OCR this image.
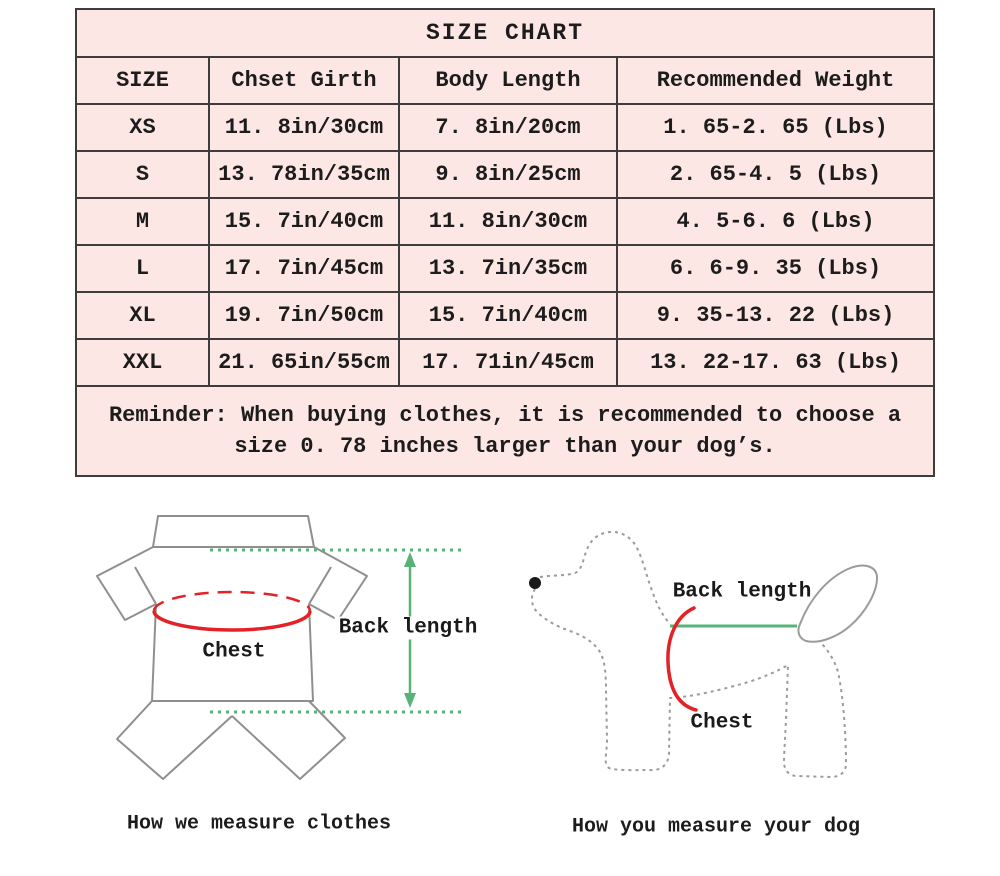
SIZE CHART			
SIZE	Chset Girth	Body Length	Recommended Weight
XS	11. 8in/30cm	7. 8in/20cm	1. 65-2. 65 (Lbs)
S	13. 78in/35cm	9. 8in/25cm	2. 65-4. 5 (Lbs)
M	15. 7in/40cm	11. 8in/30cm	4. 5-6. 6 (Lbs)
L	17. 7in/45cm	13. 7in/35cm	6. 6-9. 35 (Lbs)
XL	19. 7in/50cm	15. 7in/40cm	9. 35-13. 22 (Lbs)
XXL	21. 65in/55cm	17. 71in/45cm	13. 22-17. 63 (Lbs)

Reminder: When buying clothes, it is recommended to choose a
size 0. 78 inches larger than your dog’s.			
Chest
Back length
Back length
Chest
How we measure clothes	How you measure your dog
